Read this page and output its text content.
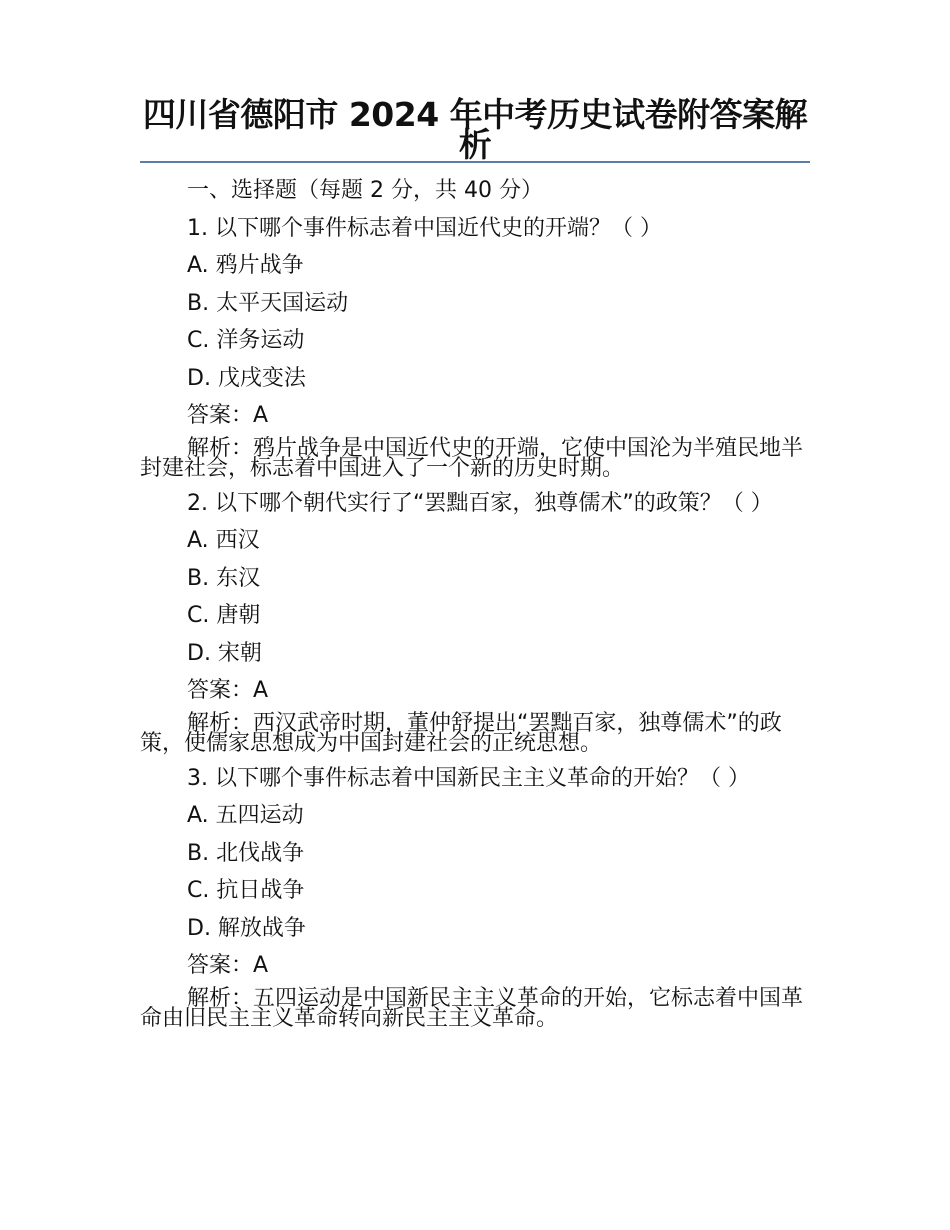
四川省德阳市 2024 年中考历史试卷附答案解析
一、选择题（每题 2 分，共 40 分）
1. 以下哪个事件标志着中国近代史的开端？（ ）
A. 鸦片战争
B. 太平天国运动
C. 洋务运动
D. 戊戌变法
答案：A
解析：鸦片战争是中国近代史的开端，它使中国沦为半殖民地半封建社会，标志着中国进入了一个新的历史时期。
2. 以下哪个朝代实行了“罢黜百家，独尊儒术”的政策？（ ）
A. 西汉
B. 东汉
C. 唐朝
D. 宋朝
答案：A
解析：西汉武帝时期，董仲舒提出“罢黜百家，独尊儒术”的政策，使儒家思想成为中国封建社会的正统思想。
3. 以下哪个事件标志着中国新民主主义革命的开始？（ ）
A. 五四运动
B. 北伐战争
C. 抗日战争
D. 解放战争
答案：A
解析：五四运动是中国新民主主义革命的开始，它标志着中国革命由旧民主主义革命转向新民主主义革命。
